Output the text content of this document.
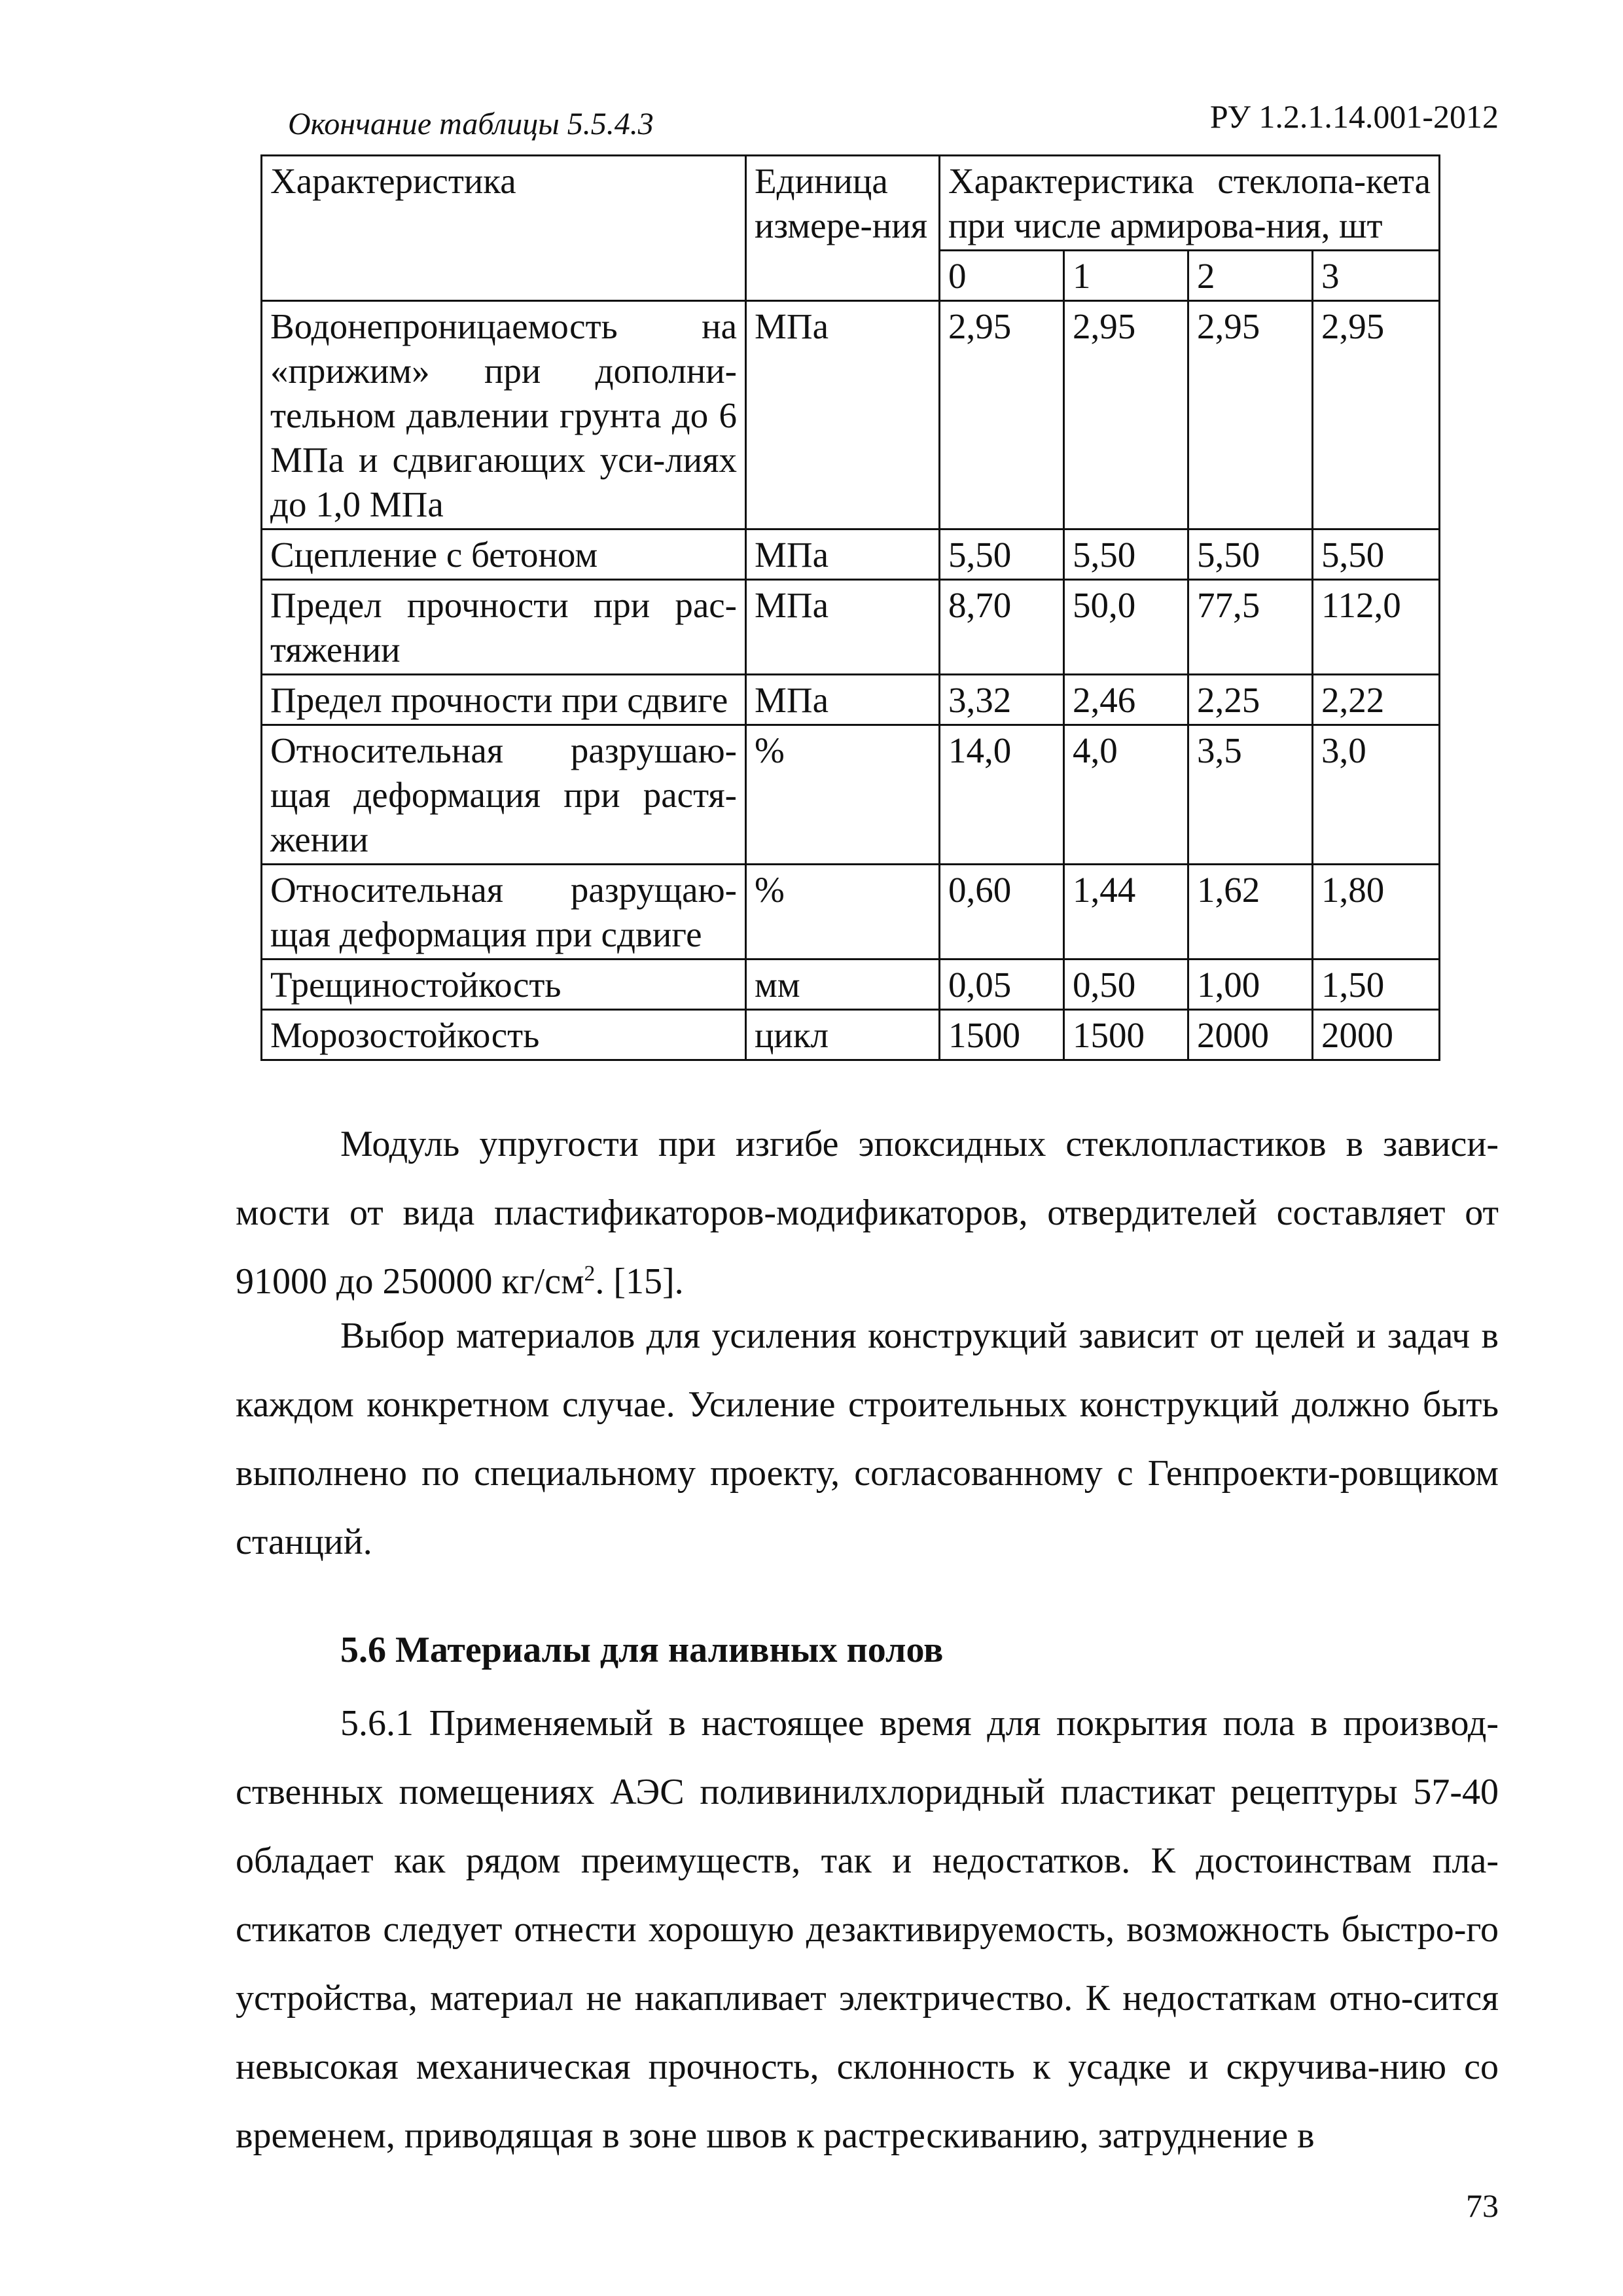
РУ 1.2.1.14.001-2012
Окончание таблицы 5.5.4.3
Характеристика	Единица измере-ния	Характеристика стеклопа-кета при числе армирова-ния, шт			
		0	1	2	3
Водонепроницаемость на «прижим» при дополни-тельном давлении грунта до 6 МПа и сдвигающих уси-лиях до 1,0 МПа	МПа	2,95	2,95	2,95	2,95
Сцепление с бетоном	МПа	5,50	5,50	5,50	5,50
Предел прочности при рас-тяжении	МПа	8,70	50,0	77,5	112,0
Предел прочности при сдвиге	МПа	3,32	2,46	2,25	2,22
Относительная разрушаю-щая деформация при растя-жении	%	14,0	4,0	3,5	3,0
Относительная разрущаю-щая деформация при сдвиге	%	0,60	1,44	1,62	1,80
Трещиностойкость	мм	0,05	0,50	1,00	1,50
Морозостойкость	цикл	1500	1500	2000	2000

Модуль упругости при изгибе эпоксидных стеклопластиков в зависи-мости от вида пластификаторов-модификаторов, отвердителей составляет от 91000 до 250000 $кг/см^2$. [15].

Выбор материалов для усиления конструкций зависит от целей и задач в каждом конкретном случае. Усиление строительных конструкций должно быть выполнено по специальному проекту, согласованному с Генпроекти-ровщиком станций.

5.6 Материалы для наливных полов

5.6.1 Применяемый в настоящее время для покрытия пола в производ-ственных помещениях АЭС поливинилхлоридный пластикат рецептуры 57-40 обладает как рядом преимуществ, так и недостатков. К достоинствам пла-стикатов следует отнести хорошую дезактивируемость, возможность быстро-го устройства, материал не накапливает электричество. К недостаткам отно-сится невысокая механическая прочность, склонность к усадке и скручива-нию со временем, приводящая в зоне швов к растрескиванию, затруднение в

73
